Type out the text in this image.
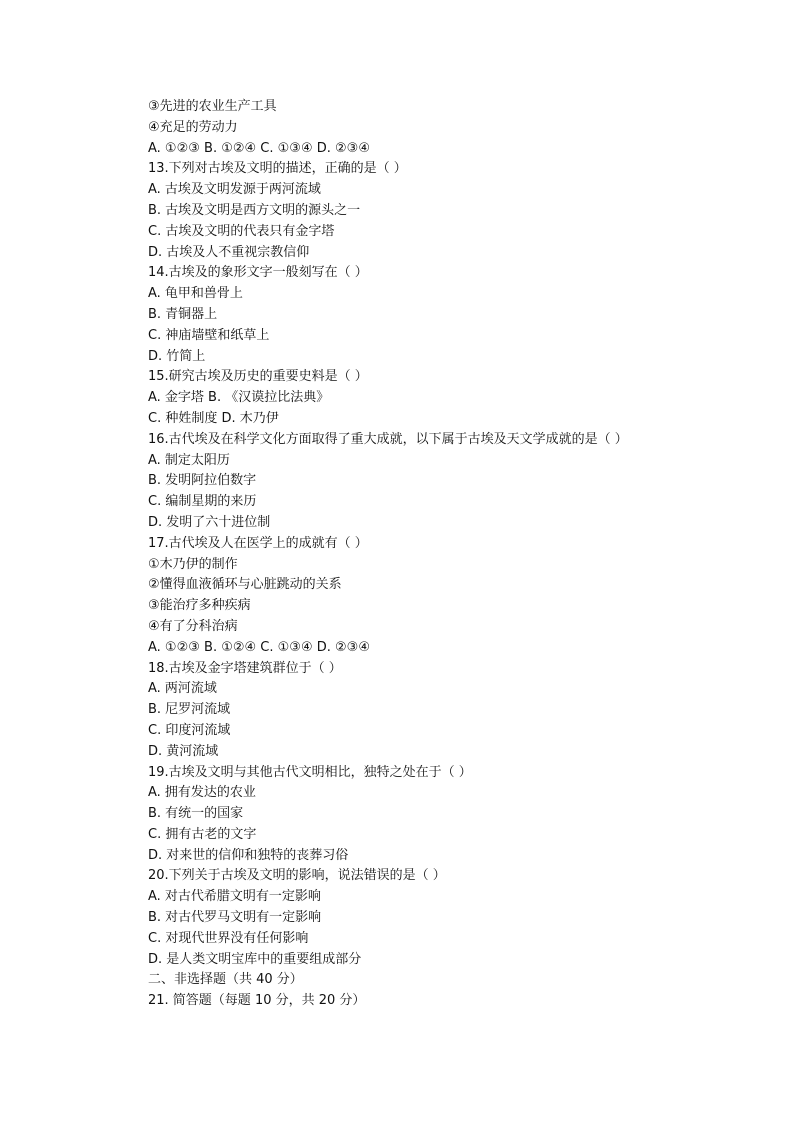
③先进的农业生产工具
④充足的劳动力
A. ①②③ B. ①②④ C. ①③④ D. ②③④
13.下列对古埃及文明的描述，正确的是（ ）
A. 古埃及文明发源于两河流域
B. 古埃及文明是西方文明的源头之一
C. 古埃及文明的代表只有金字塔
D. 古埃及人不重视宗教信仰
14.古埃及的象形文字一般刻写在（ ）
A. 龟甲和兽骨上
B. 青铜器上
C. 神庙墙壁和纸草上
D. 竹简上
15.研究古埃及历史的重要史料是（ ）
A. 金字塔 B. 《汉谟拉比法典》
C. 种姓制度 D. 木乃伊
16.古代埃及在科学文化方面取得了重大成就，以下属于古埃及天文学成就的是（ ）
A. 制定太阳历
B. 发明阿拉伯数字
C. 编制星期的来历
D. 发明了六十进位制
17.古代埃及人在医学上的成就有（ ）
①木乃伊的制作
②懂得血液循环与心脏跳动的关系
③能治疗多种疾病
④有了分科治病
A. ①②③ B. ①②④ C. ①③④ D. ②③④
18.古埃及金字塔建筑群位于（ ）
A. 两河流域
B. 尼罗河流域
C. 印度河流域
D. 黄河流域
19.古埃及文明与其他古代文明相比，独特之处在于（ ）
A. 拥有发达的农业
B. 有统一的国家
C. 拥有古老的文字
D. 对来世的信仰和独特的丧葬习俗
20.下列关于古埃及文明的影响，说法错误的是（ ）
A. 对古代希腊文明有一定影响
B. 对古代罗马文明有一定影响
C. 对现代世界没有任何影响
D. 是人类文明宝库中的重要组成部分
二、非选择题（共 40 分）
21. 简答题（每题 10 分，共 20 分）
